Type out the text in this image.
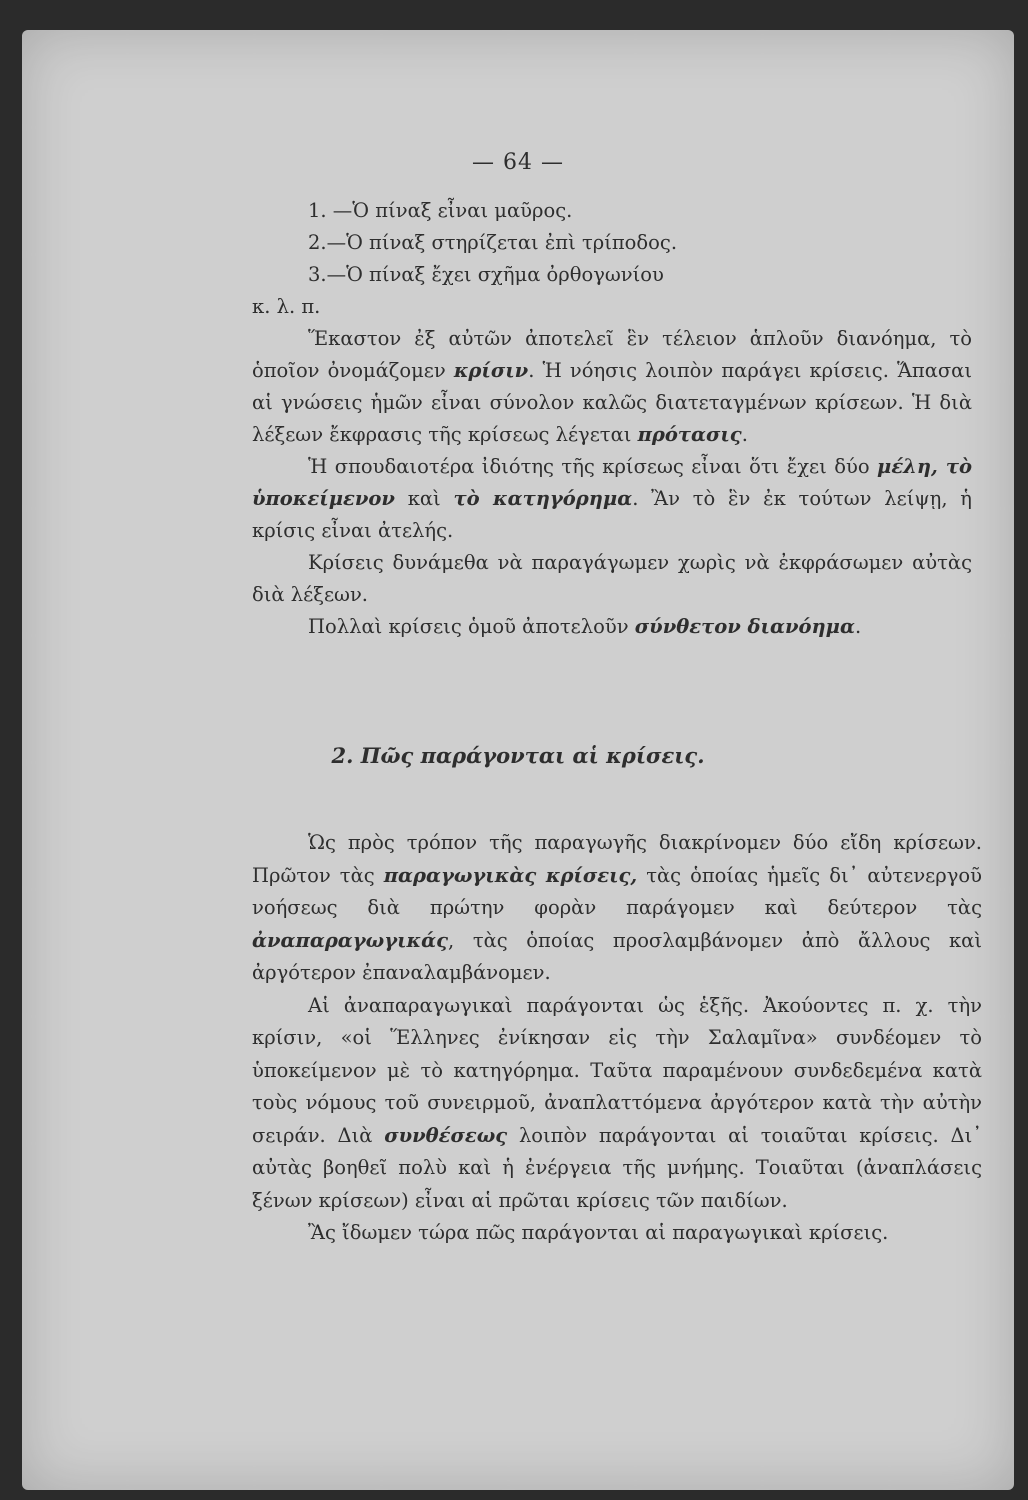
— 64 —

1. —Ὁ πίναξ εἶναι μαῦρος.

2.—Ὁ πίναξ στηρίζεται ἐπὶ τρίποδος.

3.—Ὁ πίναξ ἔχει σχῆμα ὀρθογωνίου

κ. λ. π.

Ἕκαστον ἐξ αὐτῶν ἀποτελεῖ ἓν τέλειον ἁπλοῦν διανόημα, τὸ ὁποῖον ὀνομάζομεν κρίσιν. Ἡ νόησις λοιπὸν παράγει κρίσεις. Ἅπασαι αἱ γνώσεις ἡμῶν εἶναι σύνολον καλῶς διατεταγμένων κρίσεων. Ἡ διὰ λέξεων ἔκφρασις τῆς κρίσεως λέγεται πρότασις.

Ἡ σπουδαιοτέρα ἰδιότης τῆς κρίσεως εἶναι ὅτι ἔχει δύο μέλη, τὸ ὑποκείμενον καὶ τὸ κατηγόρημα. Ἂν τὸ ἓν ἐκ τούτων λείψῃ, ἡ κρίσις εἶναι ἀτελής.

Κρίσεις δυνάμεθα νὰ παραγάγωμεν χωρὶς νὰ ἐκφράσωμεν αὐτὰς διὰ λέξεων.

Πολλαὶ κρίσεις ὁμοῦ ἀποτελοῦν σύνθετον διανόημα.

2. Πῶς παράγονται αἱ κρίσεις.

Ὡς πρὸς τρόπον τῆς παραγωγῆς διακρίνομεν δύο εἴδη κρίσεων. Πρῶτον τὰς παραγωγικὰς κρίσεις, τὰς ὁποίας ἡμεῖς δι᾽ αὐτενεργοῦ νοήσεως διὰ πρώτην φορὰν παράγομεν καὶ δεύτερον τὰς ἀναπαραγωγικάς, τὰς ὁποίας προσλαμβάνομεν ἀπὸ ἄλλους καὶ ἀργότερον ἐπαναλαμβάνομεν.

Αἱ ἀναπαραγωγικαὶ παράγονται ὡς ἑξῆς. Ἀκούοντες π. χ. τὴν κρίσιν, «οἱ Ἕλληνες ἐνίκησαν εἰς τὴν Σαλαμῖνα» συνδέομεν τὸ ὑποκείμενον μὲ τὸ κατηγόρημα. Ταῦτα παραμένουν συνδεδεμένα κατὰ τοὺς νόμους τοῦ συνειρμοῦ, ἀναπλαττόμενα ἀργότερον κατὰ τὴν αὐτὴν σειράν. Διὰ συνθέσεως λοιπὸν παράγονται αἱ τοιαῦται κρίσεις. Δι᾽ αὐτὰς βοηθεῖ πολὺ καὶ ἡ ἐνέργεια τῆς μνήμης. Τοιαῦται (ἀναπλάσεις ξένων κρίσεων) εἶναι αἱ πρῶται κρίσεις τῶν παιδίων.

Ἂς ἴδωμεν τώρα πῶς παράγονται αἱ παραγωγικαὶ κρίσεις.
